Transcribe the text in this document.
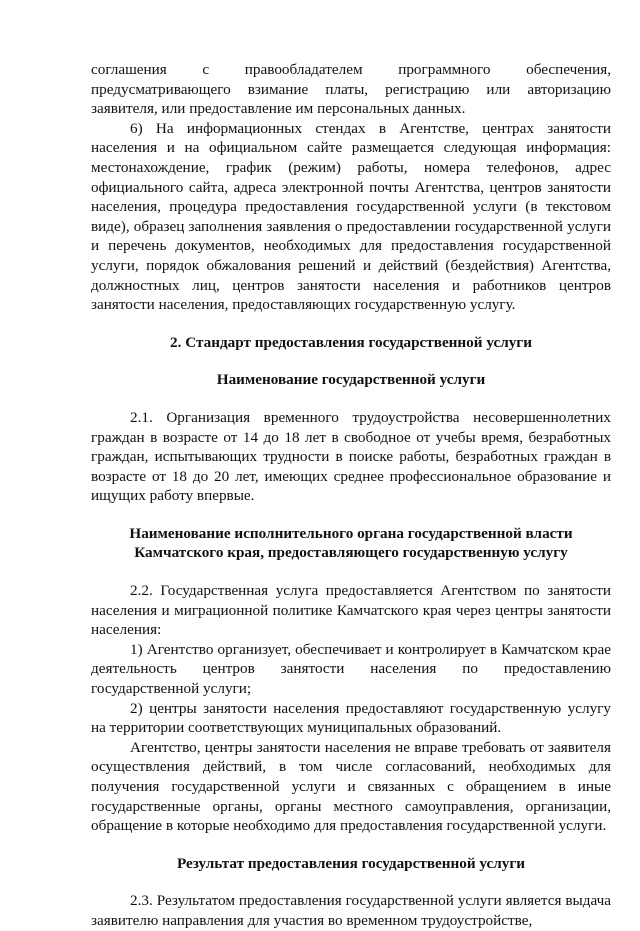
соглашения с правообладателем программного обеспечения, предусматривающего взимание платы, регистрацию или авторизацию заявителя, или предоставление им персональных данных.

6) На информационных стендах в Агентстве, центрах занятости населения и на официальном сайте размещается следующая информация: местонахождение, график (режим) работы, номера телефонов, адрес официального сайта, адреса электронной почты Агентства, центров занятости населения, процедура предоставления государственной услуги (в текстовом виде), образец заполнения заявления о предоставлении государственной услуги и перечень документов, необходимых для предоставления государственной услуги, порядок обжалования решений и действий (бездействия) Агентства, должностных лиц, центров занятости населения и работников центров занятости населения, предоставляющих государственную услугу.

2. Стандарт предоставления государственной услуги
Наименование государственной услуги

2.1. Организация временного трудоустройства несовершеннолетних граждан в возрасте от 14 до 18 лет в свободное от учебы время, безработных граждан, испытывающих трудности в поиске работы, безработных граждан в возрасте от 18 до 20 лет, имеющих среднее профессиональное образование и ищущих работу впервые.

Наименование исполнительного органа государственной власти
Камчатского края, предоставляющего государственную услугу

2.2. Государственная услуга предоставляется Агентством по занятости населения и миграционной политике Камчатского края через центры занятости населения:

1) Агентство организует, обеспечивает и контролирует в Камчатском крае деятельность центров занятости населения по предоставлению государственной услуги;

2) центры занятости населения предоставляют государственную услугу на территории соответствующих муниципальных образований.

Агентство, центры занятости населения не вправе требовать от заявителя осуществления действий, в том числе согласований, необходимых для получения государственной услуги и связанных с обращением в иные государственные органы, органы местного самоуправления, организации, обращение в которые необходимо для предоставления государственной услуги.

Результат предоставления государственной услуги

2.3. Результатом предоставления государственной услуги является выдача заявителю направления для участия во временном трудоустройстве,
